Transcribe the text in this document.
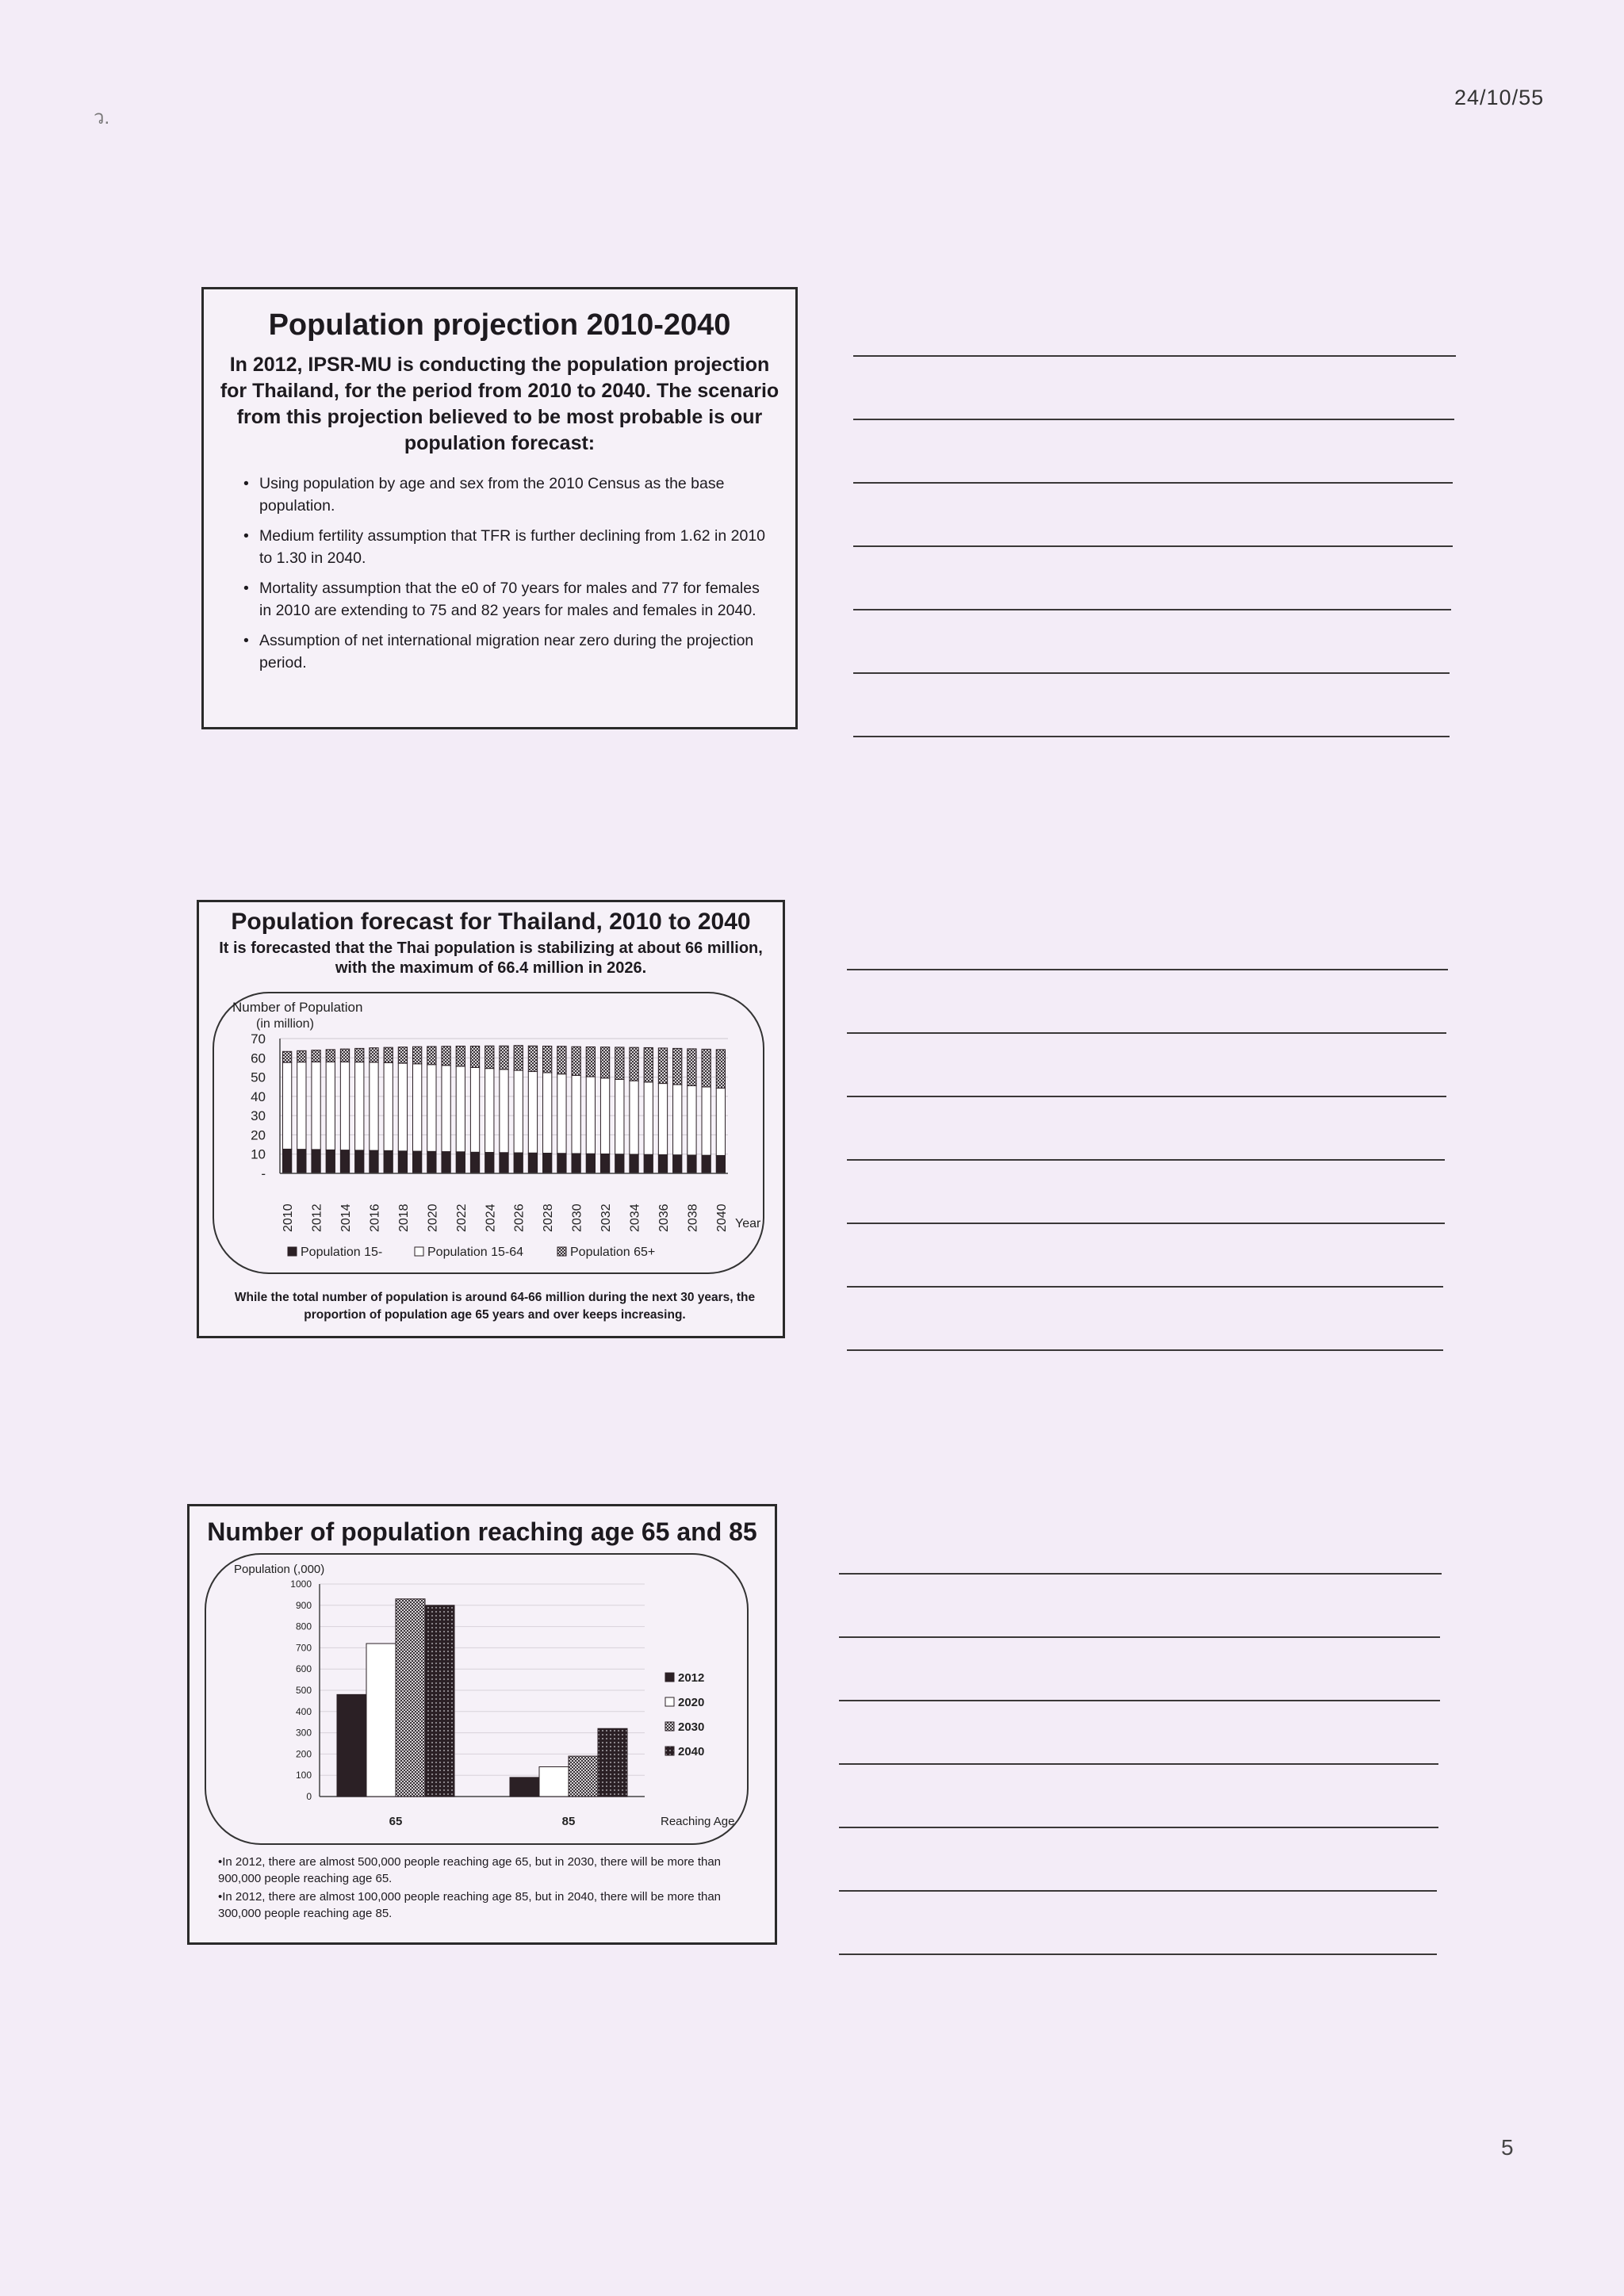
ว.
24/10/55
Population projection 2010-2040
In 2012, IPSR-MU is conducting the population projection for Thailand, for the period from 2010 to 2040. The scenario from this projection believed to be most probable is our population forecast:
• Using population by age and sex from the 2010 Census as the base population.
• Medium fertility assumption that TFR is further declining from 1.62 in 2010 to 1.30 in 2040.
• Mortality assumption that the e0 of 70 years for males and 77 for females in 2010 are extending to 75 and 82 years for males and females in 2040.
• Assumption of net international migration near zero during the projection period.
Population forecast for Thailand, 2010 to 2040
It is forecasted that the Thai population is stabilizing at about 66 million, with the maximum of 66.4 million in 2026.
Number of Population
(in million)
-
10
20
30
40
50
60
70
2010 2012 2014 2016 2018 2020 2022 2024 2026 2028 2030 2032 2034 2036 2038 2040 Year
Population 15-	Population 15-64	Population 65+
While the total number of population is around 64-66 million during the next 30 years, the proportion of population age 65 years and over keeps increasing.
Number of population reaching age 65 and 85
Population (,000)
0
100
200
300
400
500
600
700
800
900
1000
65	85	Reaching Age
2012
2020
2030
2040

•In 2012, there are almost 500,000 people reaching age 65, but in 2030, there will be more than 900,000 people reaching age 65.

•In 2012, there are almost 100,000 people reaching age 85, but in 2040, there will be more than 300,000 people reaching age 85.

5
